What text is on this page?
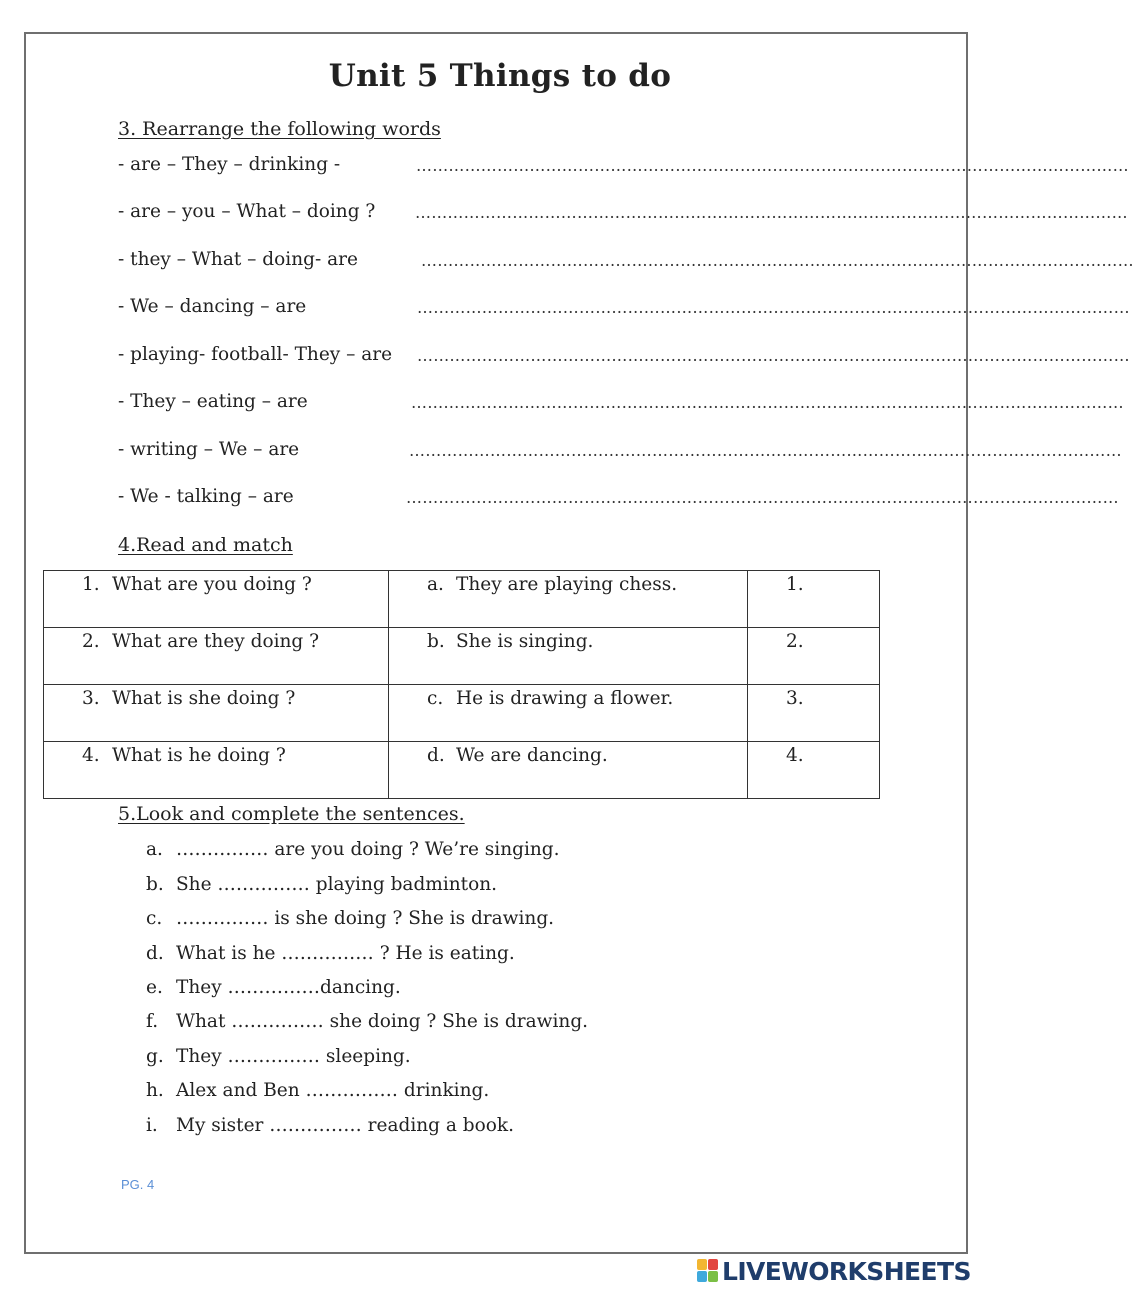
Unit 5 Things to do
3. Rearrange the following words
- are – They – drinking -	……………………………………………………………………………………………………………………
- are – you – What – doing ? ……………………………………………………………………………………………………………………
- they – What – doing- are	……………………………………………………………………………………………………………………
- We – dancing – are	……………………………………………………………………………………………………………………
- playing- football- They – are ……………………………………………………………………………………………………………………
- They – eating – are	……………………………………………………………………………………………………………………
- writing – We – are	……………………………………………………………………………………………………………………
- We - talking – are	……………………………………………………………………………………………………………………
4.Read and match
1. What are you doing ?	a. They are playing chess.	1.

2. What are they doing ?	b. She is singing.	2.

3. What is she doing ?	c. He is drawing a flower.	3.

4. What is he doing ?	d. We are dancing.	4.
5.Look and complete the sentences.
a. …………… are you doing ? We’re singing.
b. She …………… playing badminton.
c. …………… is she doing ? She is drawing.
d. What is he …………… ? He is eating.
e. They ……………dancing.
f. What …………… she doing ? She is drawing.
g. They …………… sleeping.
h. Alex and Ben …………… drinking.
i. My sister …………… reading a book.
PG. 4
LIVEWORKSHEETS
